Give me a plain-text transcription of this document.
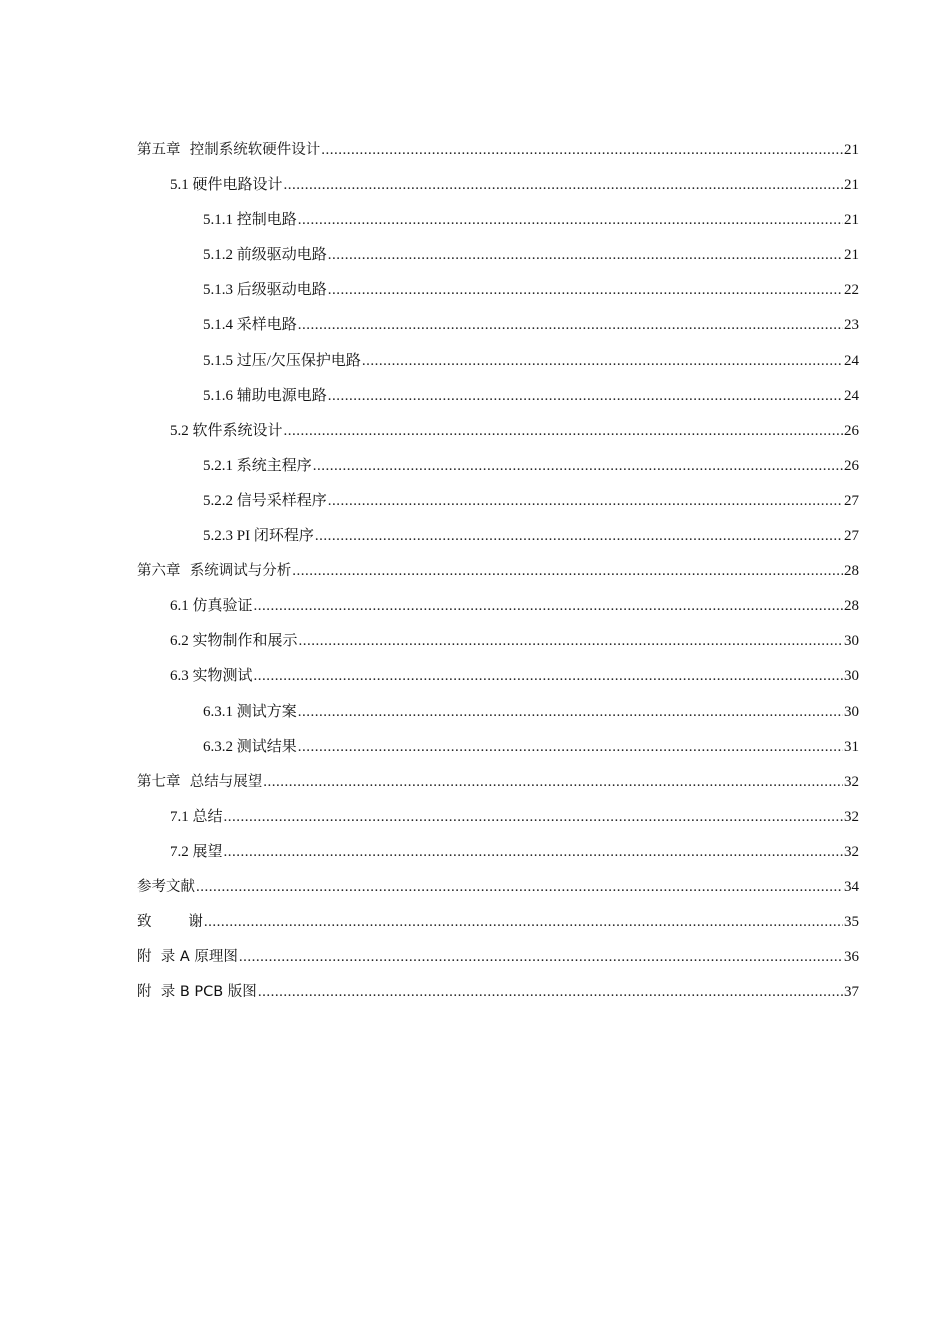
第五章  控制系统软硬件设计 .....	21
5.1 硬件电路设计 .....	21
5.1.1 控制电路 .....	21
5.1.2 前级驱动电路 .....	21
5.1.3 后级驱动电路 .....	22
5.1.4 采样电路 .....	23
5.1.5 过压/欠压保护电路 .....	24
5.1.6 辅助电源电路 .....	24
5.2 软件系统设计 .....	26
5.2.1 系统主程序 .....	26
5.2.2 信号采样程序 .....	27
5.2.3 PI 闭环程序 .....	27
第六章  系统调试与分析 .....	28
6.1 仿真验证 .....	28
6.2 实物制作和展示 .....	30
6.3 实物测试 .....	30
6.3.1 测试方案 .....	30
6.3.2 测试结果 .....	31
第七章  总结与展望 .....	32
7.1 总结 .....	32
7.2 展望 .....	32
参考文献 .....	34
致        谢 .....	35
附  录 A 原理图 .....	36
附  录 B PCB 版图 .....	37
